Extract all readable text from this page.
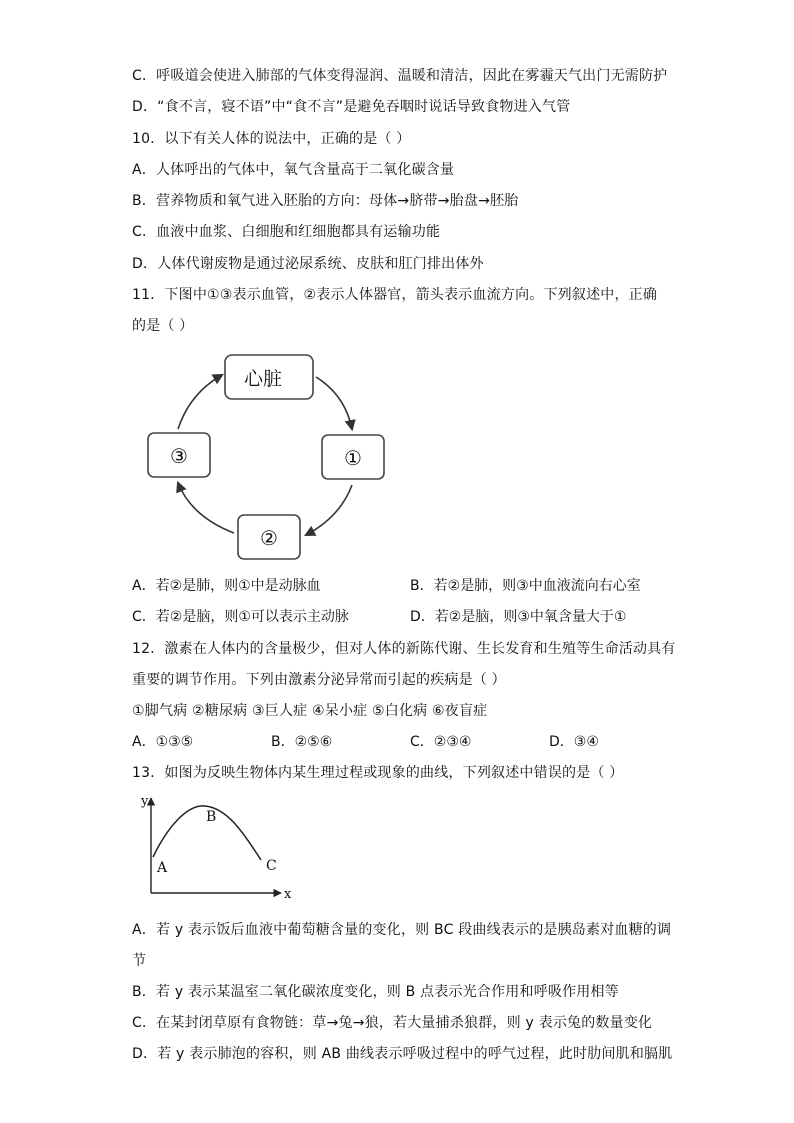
C．呼吸道会使进入肺部的气体变得湿润、温暖和清洁，因此在雾霾天气出门无需防护
D．“食不言，寝不语”中“食不言”是避免吞咽时说话导致食物进入气管
10．以下有关人体的说法中，正确的是（ ）
A．人体呼出的气体中，氧气含量高于二氧化碳含量
B．营养物质和氧气进入胚胎的方向：母体→脐带→胎盘→胚胎
C．血液中血浆、白细胞和红细胞都具有运输功能
D．人体代谢废物是通过泌尿系统、皮肤和肛门排出体外
11．下图中①③表示血管，②表示人体器官，箭头表示血流方向。下列叙述中，正确
的是（ ）
心脏
①
②
③
A．若②是肺，则①中是动脉血	B．若②是肺，则③中血液流向右心室
C．若②是脑，则①可以表示主动脉	D．若②是脑，则③中氧含量大于①
12．激素在人体内的含量极少，但对人体的新陈代谢、生长发育和生殖等生命活动具有
重要的调节作用。下列由激素分泌异常而引起的疾病是（ ）
①脚气病 ②糖尿病 ③巨人症 ④呆小症 ⑤白化病 ⑥夜盲症
A．①③⑤	B．②⑤⑥	C．②③④	D．③④
13．如图为反映生物体内某生理过程或现象的曲线，下列叙述中错误的是（ ）
y
x
A
B
C
A．若 y 表示饭后血液中葡萄糖含量的变化，则 BC 段曲线表示的是胰岛素对血糖的调
节
B．若 y 表示某温室二氧化碳浓度变化，则 B 点表示光合作用和呼吸作用相等
C．在某封闭草原有食物链：草→兔→狼，若大量捕杀狼群，则 y 表示兔的数量变化
D．若 y 表示肺泡的容积，则 AB 曲线表示呼吸过程中的呼气过程，此时肋间肌和膈肌
